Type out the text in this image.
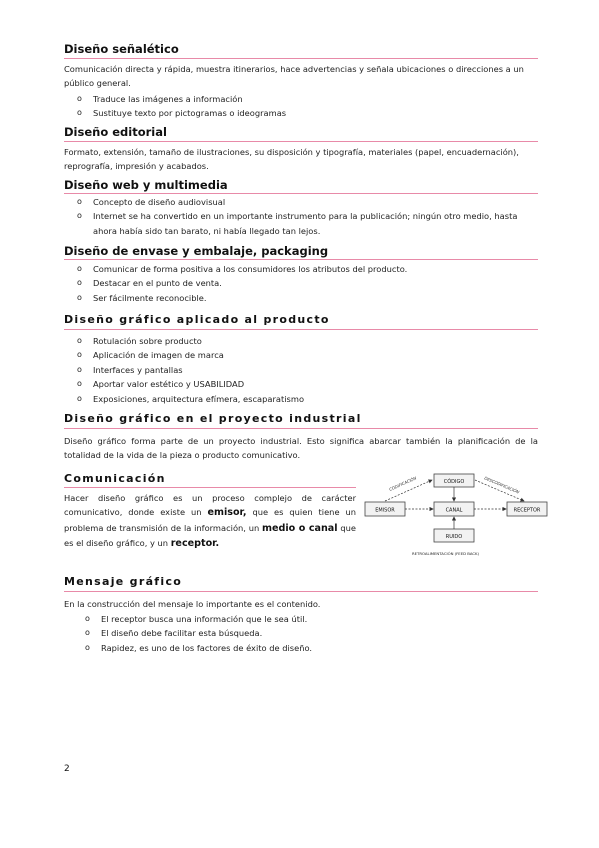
Diseño señalético

Comunicación directa y rápida, muestra itinerarios, hace advertencias y señala ubicaciones o direcciones a un público general.

o Traduce las imágenes a información
o Sustituye texto por pictogramas o ideogramas
Diseño editorial

Formato, extensión, tamaño de ilustraciones, su disposición y tipografía, materiales (papel, encuadernación), reprografía, impresión y acabados.

Diseño web y multimedia
o Concepto de diseño audiovisual
o Internet se ha convertido en un importante instrumento para la publicación; ningún otro medio, hasta ahora había sido tan barato, ni había llegado tan lejos.
Diseño de envase y embalaje, packaging
o Comunicar de forma positiva a los consumidores los atributos del producto.
o Destacar en el punto de venta.
o Ser fácilmente reconocible.
Diseño gráfico aplicado al producto
o Rotulación sobre producto
o Aplicación de imagen de marca
o Interfaces y pantallas
o Aportar valor estético y USABILIDAD
o Exposiciones, arquitectura efímera, escaparatismo
Diseño gráfico en el proyecto industrial

Diseño gráfico forma parte de un proyecto industrial. Esto significa abarcar también la planificación de la totalidad de la vida de la pieza o producto comunicativo.

Comunicación

Hacer diseño gráfico es un proceso complejo de carácter comunicativo, donde existe un emisor, que es quien tiene un problema de transmisión de la información, un medio o canal que es el diseño gráfico, y un receptor.

EMISOR
CÓDIGO
CANAL
RUIDO
RECEPTOR
CODIFICACIÓN	DESCODIFICACIÓN
RETROALIMENTACIÓN (FEED BACK)
Mensaje gráfico

En la construcción del mensaje lo importante es el contenido.

o El receptor busca una información que le sea útil.
o El diseño debe facilitar esta búsqueda.
o Rapidez, es uno de los factores de éxito de diseño.
2
